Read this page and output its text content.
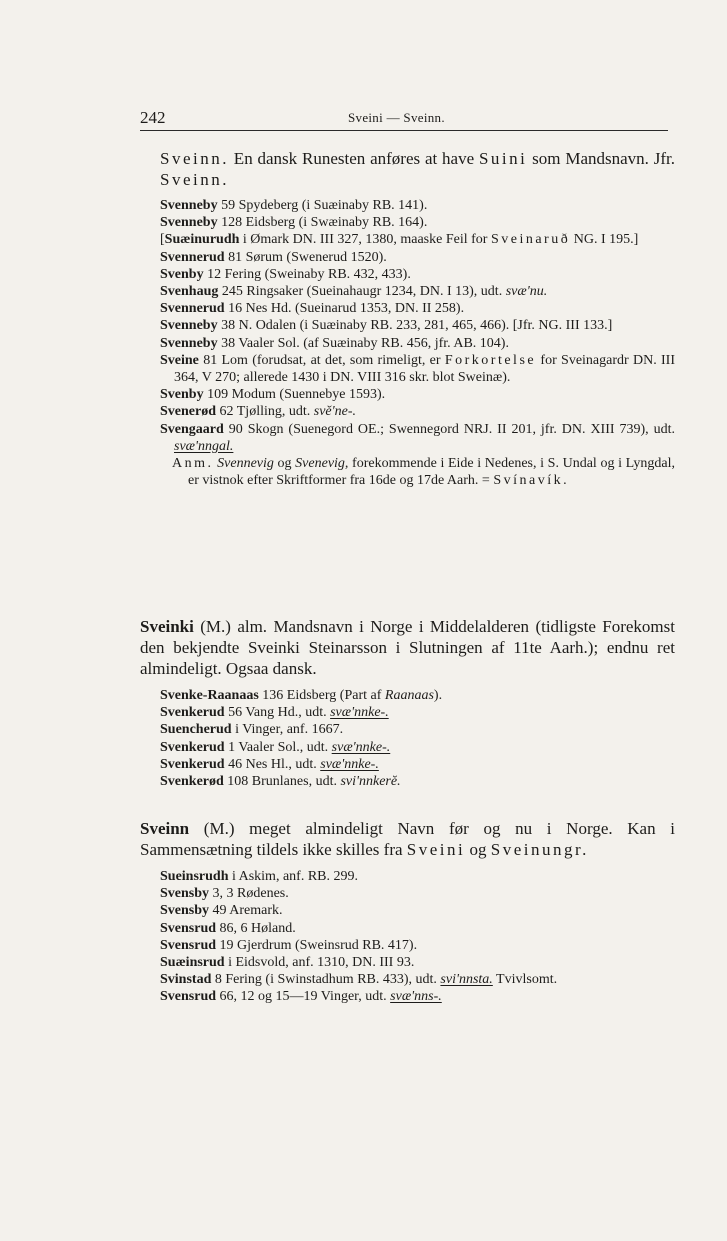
242	Sveini — Sveinn.
Sveinn. En dansk Runesten anføres at have Suini som Mandsnavn. Jfr. Sveinn.
Svenneby 59 Spydeberg (i Suæinaby RB. 141).
Svenneby 128 Eidsberg (i Swæinaby RB. 164).
[Suæinurudh i Ømark DN. III 327, 1380, maaske Feil for Sveinaruð NG. I 195.]
Svennerud 81 Sørum (Swenerud 1520).
Svenby 12 Fering (Sweinaby RB. 432, 433).
Svenhaug 245 Ringsaker (Sueinahaugr 1234, DN. I 13), udt. svæ'nu.
Svennerud 16 Nes Hd. (Sueinarud 1353, DN. II 258).
Svenneby 38 N. Odalen (i Suæinaby RB. 233, 281, 465, 466). [Jfr. NG. III 133.]
Svenneby 38 Vaaler Sol. (af Suæinaby RB. 456, jfr. AB. 104).
Sveine 81 Lom (forudsat, at det, som rimeligt, er Forkortelse for Sveinagardr DN. III 364, V 270; allerede 1430 i DN. VIII 316 skr. blot Sweinæ).
Svenby 109 Modum (Suennebye 1593).
Svenerød 62 Tjølling, udt. svĕ'ne-.
Svengaard 90 Skogn (Suenegord OE.; Swennegord NRJ. II 201, jfr. DN. XIII 739), udt. svæ'nngal.
Anm. Svennevig og Svenevig, forekommende i Eide i Nedenes, i S. Undal og i Lyngdal, er vistnok efter Skriftformer fra 16de og 17de Aarh. = Svínavík.
Sveinki (M.) alm. Mandsnavn i Norge i Middelalderen (tidligste Forekomst den bekjendte Sveinki Steinarsson i Slutningen af 11te Aarh.); endnu ret almindeligt. Ogsaa dansk.
Svenke-Raanaas 136 Eidsberg (Part af Raanaas).
Svenkerud 56 Vang Hd., udt. svæ'nnke-.
Suencherud i Vinger, anf. 1667.
Svenkerud 1 Vaaler Sol., udt. svæ'nnke-.
Svenkerud 46 Nes Hl., udt. svæ'nnke-.
Svenkerød 108 Brunlanes, udt. svi'nnkerĕ.
Sveinn (M.) meget almindeligt Navn før og nu i Norge. Kan i Sammensætning tildels ikke skilles fra Sveini og Sveinungr.
Sueinsrudh i Askim, anf. RB. 299.
Svensby 3, 3 Rødenes.
Svensby 49 Aremark.
Svensrud 86, 6 Høland.
Svensrud 19 Gjerdrum (Sweinsrud RB. 417).
Suæinsrud i Eidsvold, anf. 1310, DN. III 93.
Svinstad 8 Fering (i Swinstadhum RB. 433), udt. svi'nnsta. Tvivlsomt.
Svensrud 66, 12 og 15—19 Vinger, udt. svæ'nns-.
